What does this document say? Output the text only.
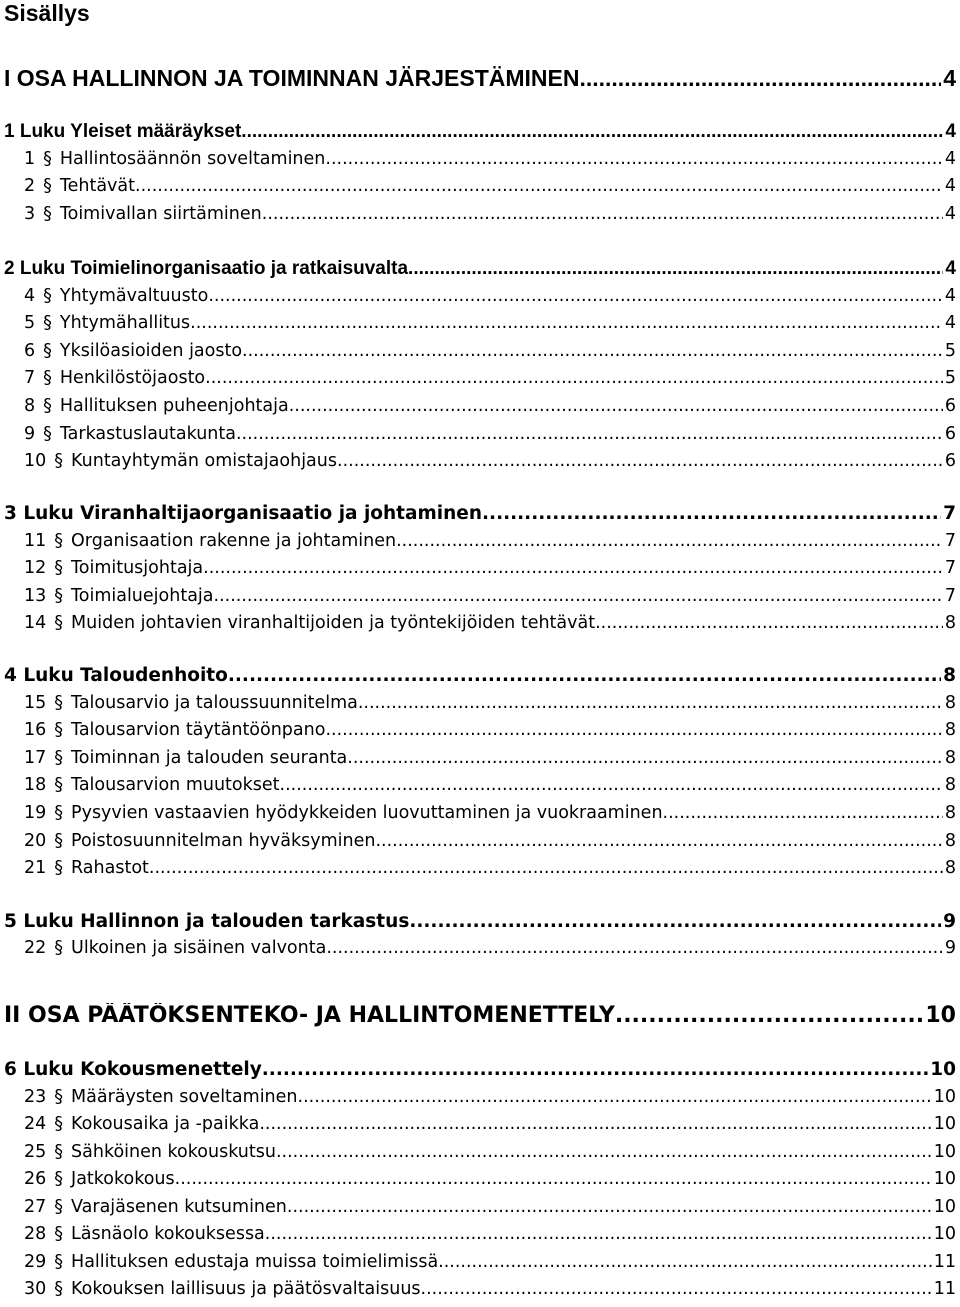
Sisällys
I OSA HALLINNON JA TOIMINNAN JÄRJESTÄMINEN .....	4
1 Luku Yleiset määräykset .....	4
1 § Hallintosäännön soveltaminen .....	4
2 § Tehtävät .....	4
3 § Toimivallan siirtäminen .....	4
2 Luku Toimielinorganisaatio ja ratkaisuvalta .....	4
4 § Yhtymävaltuusto .....	4
5 § Yhtymähallitus .....	4
6 § Yksilöasioiden jaosto .....	5
7 § Henkilöstöjaosto .....	5
8 § Hallituksen puheenjohtaja .....	6
9 § Tarkastuslautakunta .....	6
10 § Kuntayhtymän omistajaohjaus .....	6
3 Luku Viranhaltijaorganisaatio ja johtaminen .....	7
11 § Organisaation rakenne ja johtaminen .....	7
12 § Toimitusjohtaja .....	7
13 § Toimialuejohtaja .....	7
14 § Muiden johtavien viranhaltijoiden ja työntekijöiden tehtävät .....	8
4 Luku Taloudenhoito .....	8
15 § Talousarvio ja taloussuunnitelma .....	8
16 § Talousarvion täytäntöönpano .....	8
17 § Toiminnan ja talouden seuranta .....	8
18 § Talousarvion muutokset .....	8
19 § Pysyvien vastaavien hyödykkeiden luovuttaminen ja vuokraaminen .....	8
20 § Poistosuunnitelman hyväksyminen .....	8
21 § Rahastot .....	8
5 Luku Hallinnon ja talouden tarkastus .....	9
22 § Ulkoinen ja sisäinen valvonta .....	9
II OSA PÄÄTÖKSENTEKO- JA HALLINTOMENETTELY .....	10
6 Luku Kokousmenettely .....	10
23 § Määräysten soveltaminen .....	10
24 § Kokousaika ja -paikka .....	10
25 § Sähköinen kokouskutsu .....	10
26 § Jatkokokous .....	10
27 § Varajäsenen kutsuminen .....	10
28 § Läsnäolo kokouksessa .....	10
29 § Hallituksen edustaja muissa toimielimissä .....	11
30 § Kokouksen laillisuus ja päätösvaltaisuus .....	11
